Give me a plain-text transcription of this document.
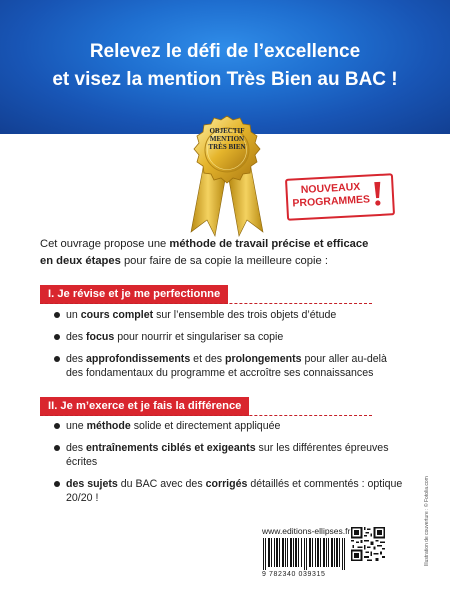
Relevez le défi de l’excellence
et visez la mention Très Bien au BAC !
OBJECTIF
MENTION
TRÈS BIEN
NOUVEAUX
PROGRAMMES
Cet ouvrage propose une méthode de travail précise et efficace
en deux étapes pour faire de sa copie la meilleure copie :
I. Je révise et je me perfectionne
un cours complet sur l’ensemble des trois objets d’étude
des focus pour nourrir et singulariser sa copie
des approfondissements et des prolongements pour aller au-delà des fondamentaux du programme et accroître ses connaissances
II. Je m’exerce et je fais la différence
une méthode solide et directement appliquée
des entraînements ciblés et exigeants sur les différentes épreuves écrites
des sujets du BAC avec des corrigés détaillés et commentés : optique 20/20 !
www.editions-ellipses.fr
9 782340 039315
Illustration de couverture : © Fotolia.com
